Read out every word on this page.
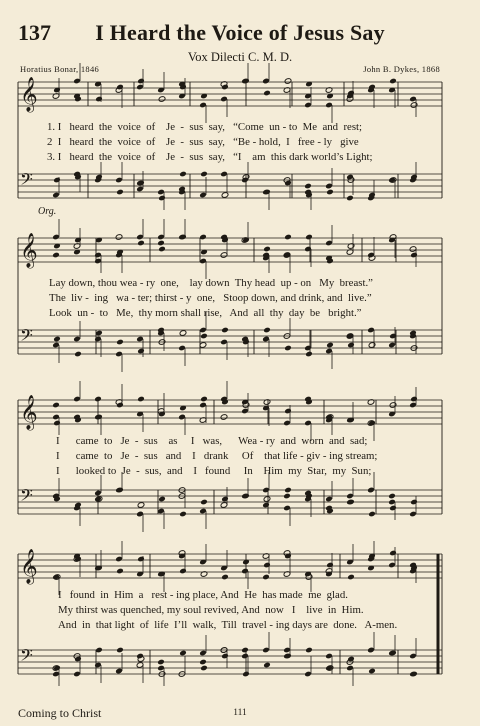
137	I Heard the Voice of Jesus Say
Vox Dilecti C. M. D.
Horatius Bonar, 1846	John B. Dykes, 1868
𝄞
𝄢
𝄞
𝄢
𝄞
𝄢
𝄞
𝄢
Org.
1. I   heard  the  voice  of    Je  -  sus  say,   “Come  un - to  Me  and  rest;
2  I   heard  the  voice  of    Je  -  sus  say,   “Be - hold,  I   free - ly   give
3. I   heard  the  voice  of    Je  -  sus  say,   “I    am  this dark world’s Light;
Lay down, thou wea - ry  one,    lay down  Thy head  up - on   My  breast.”
The  liv -  ing   wa - ter; thirst - y  one,   Stoop down, and drink, and  live.”
Look  un -  to   Me,  thy morn shall rise,   And  all  thy  day  be   bright.”
I      came  to   Je  -  sus    as     I   was,      Wea - ry  and  worn  and  sad;
I      came  to   Je  -  sus   and    I   drank     Of    that life - giv - ing stream;
I      looked to  Je  -  sus,  and    I   found     In    Him  my  Star,  my  Sun;
I   found  in  Him  a   rest - ing place, And  He  has made  me  glad.
My thirst was quenched, my soul revived, And  now   I    live  in  Him.
And  in  that light  of  life  I’ll  walk,  Till  travel - ing days are  done.   A-men.
Coming to Christ	111
